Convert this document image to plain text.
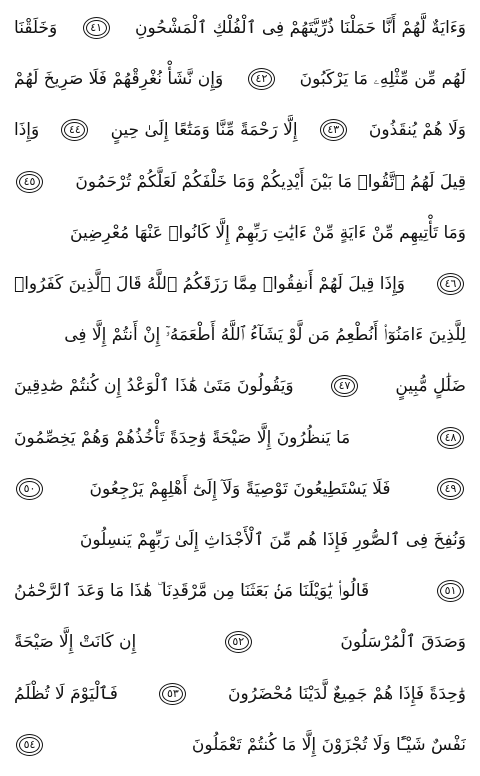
وَءَايَةٌ لَّهُمْ أَنَّا حَمَلْنَا ذُرِّيَّتَهُمْ فِى ٱلْفُلْكِ ٱلْمَشْحُونِ
٤١
وَخَلَقْنَا
لَهُم مِّن مِّثْلِهِۦ مَا يَرْكَبُونَ
٤٢
وَإِن نَّشَأْ نُغْرِقْهُمْ فَلَا صَرِيخَ لَهُمْ
وَلَا هُمْ يُنقَذُونَ
٤٣
إِلَّا رَحْمَةً مِّنَّا وَمَتَٰعًا إِلَىٰ حِينٍ
٤٤
وَإِذَا
قِيلَ لَهُمُ ٱتَّقُوا۟ مَا بَيْنَ أَيْدِيكُمْ وَمَا خَلْفَكُمْ لَعَلَّكُمْ تُرْحَمُونَ
٤٥
وَمَا تَأْتِيهِم مِّنْ ءَايَةٍ مِّنْ ءَايَٰتِ رَبِّهِمْ إِلَّا كَانُوا۟ عَنْهَا مُعْرِضِينَ
٤٦
وَإِذَا قِيلَ لَهُمْ أَنفِقُوا۟ مِمَّا رَزَقَكُمُ ٱللَّهُ قَالَ ٱلَّذِينَ كَفَرُوا۟
لِلَّذِينَ ءَامَنُوٓا۟ أَنُطْعِمُ مَن لَّوْ يَشَآءُ ٱللَّهُ أَطْعَمَهُۥٓ إِنْ أَنتُمْ إِلَّا فِى
ضَلَٰلٍ مُّبِينٍ
٤٧
وَيَقُولُونَ مَتَىٰ هَٰذَا ٱلْوَعْدُ إِن كُنتُمْ صَٰدِقِينَ
٤٨
مَا يَنظُرُونَ إِلَّا صَيْحَةً وَٰحِدَةً تَأْخُذُهُمْ وَهُمْ يَخِصِّمُونَ
٤٩
فَلَا يَسْتَطِيعُونَ تَوْصِيَةً وَلَآ إِلَىٰٓ أَهْلِهِمْ يَرْجِعُونَ
٥٠
وَنُفِخَ فِى ٱلصُّورِ فَإِذَا هُم مِّنَ ٱلْأَجْدَاثِ إِلَىٰ رَبِّهِمْ يَنسِلُونَ
٥١
قَالُوا۟ يَٰوَيْلَنَا مَنۢ بَعَثَنَا مِن مَّرْقَدِنَا ۜ هَٰذَا مَا وَعَدَ ٱلرَّحْمَٰنُ
وَصَدَقَ ٱلْمُرْسَلُونَ
٥٢
إِن كَانَتْ إِلَّا صَيْحَةً
وَٰحِدَةً فَإِذَا هُمْ جَمِيعٌ لَّدَيْنَا مُحْضَرُونَ
٥٣
فَٱلْيَوْمَ لَا تُظْلَمُ
نَفْسٌ شَيْـًٔا وَلَا تُجْزَوْنَ إِلَّا مَا كُنتُمْ تَعْمَلُونَ
٥٤
